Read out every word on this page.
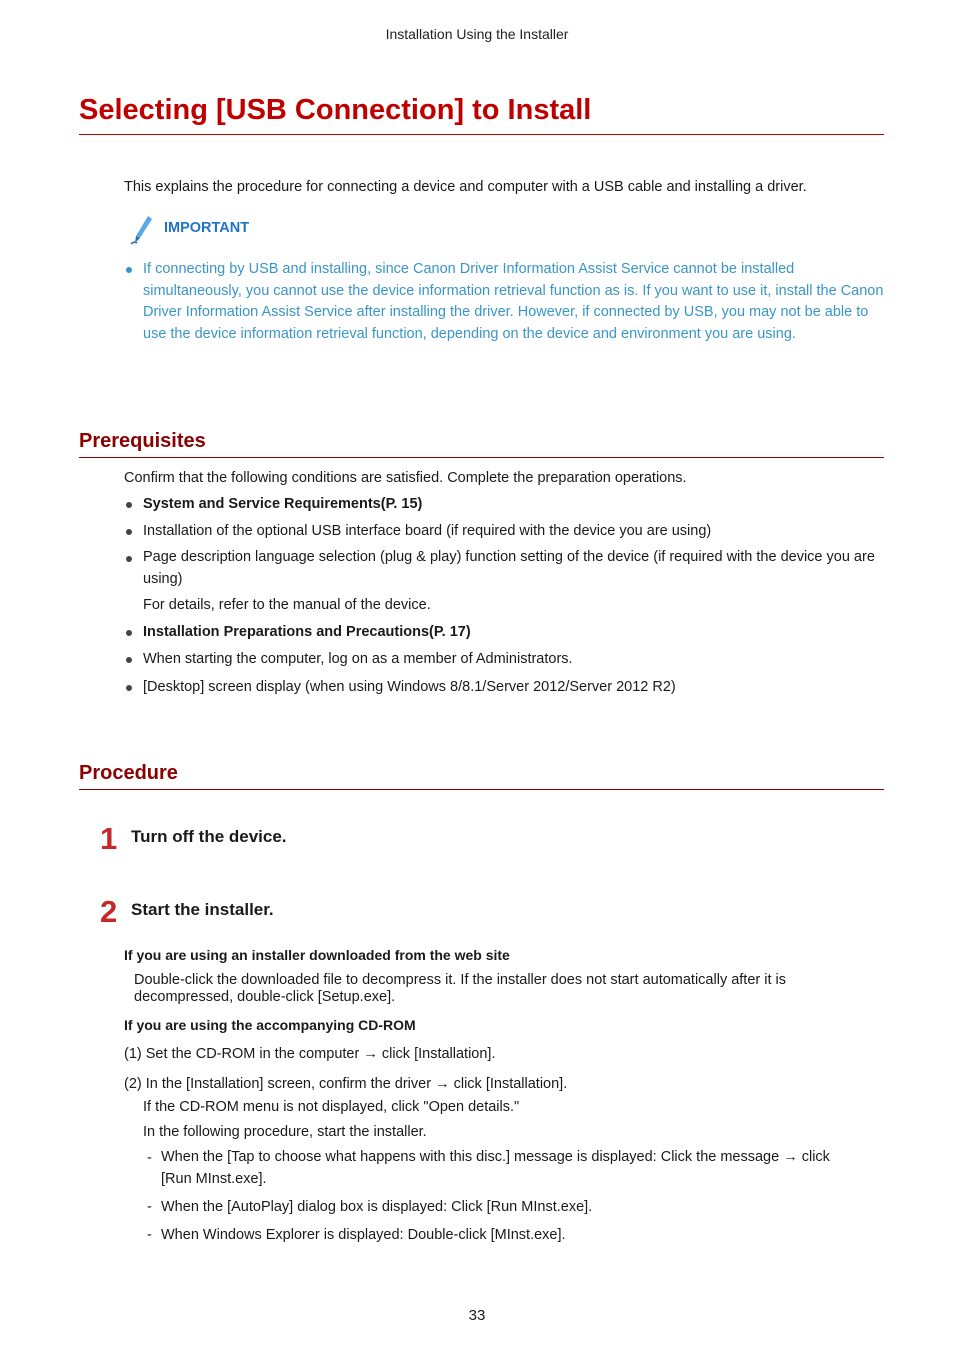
Installation Using the Installer
Selecting [USB Connection] to Install
This explains the procedure for connecting a device and computer with a USB cable and installing a driver.
IMPORTANT

If connecting by USB and installing, since Canon Driver Information Assist Service cannot be installed simultaneously, you cannot use the device information retrieval function as is. If you want to use it, install the Canon Driver Information Assist Service after installing the driver. However, if connected by USB, you may not be able to use the device information retrieval function, depending on the device and environment you are using.

Prerequisites

Confirm that the following conditions are satisfied. Complete the preparation operations.

System and Service Requirements(P. 15)

Installation of the optional USB interface board (if required with the device you are using)

Page description language selection (plug & play) function setting of the device (if required with the device you are using)

For details, refer to the manual of the device.

Installation Preparations and Precautions(P. 17)

When starting the computer, log on as a member of Administrators.

[Desktop] screen display (when using Windows 8/8.1/Server 2012/Server 2012 R2)

Procedure
1 Turn off the device.
2 Start the installer.
If you are using an installer downloaded from the web site

Double-click the downloaded file to decompress it. If the installer does not start automatically after it is decompressed, double-click [Setup.exe].

If you are using the accompanying CD-ROM

(1) Set the CD-ROM in the computer → click [Installation].

(2) In the [Installation] screen, confirm the driver → click [Installation].

If the CD-ROM menu is not displayed, click "Open details."

In the following procedure, start the installer.

- When the [Tap to choose what happens with this disc.] message is displayed: Click the message → click [Run MInst.exe].

- When the [AutoPlay] dialog box is displayed: Click [Run MInst.exe].

- When Windows Explorer is displayed: Double-click [MInst.exe].

33
